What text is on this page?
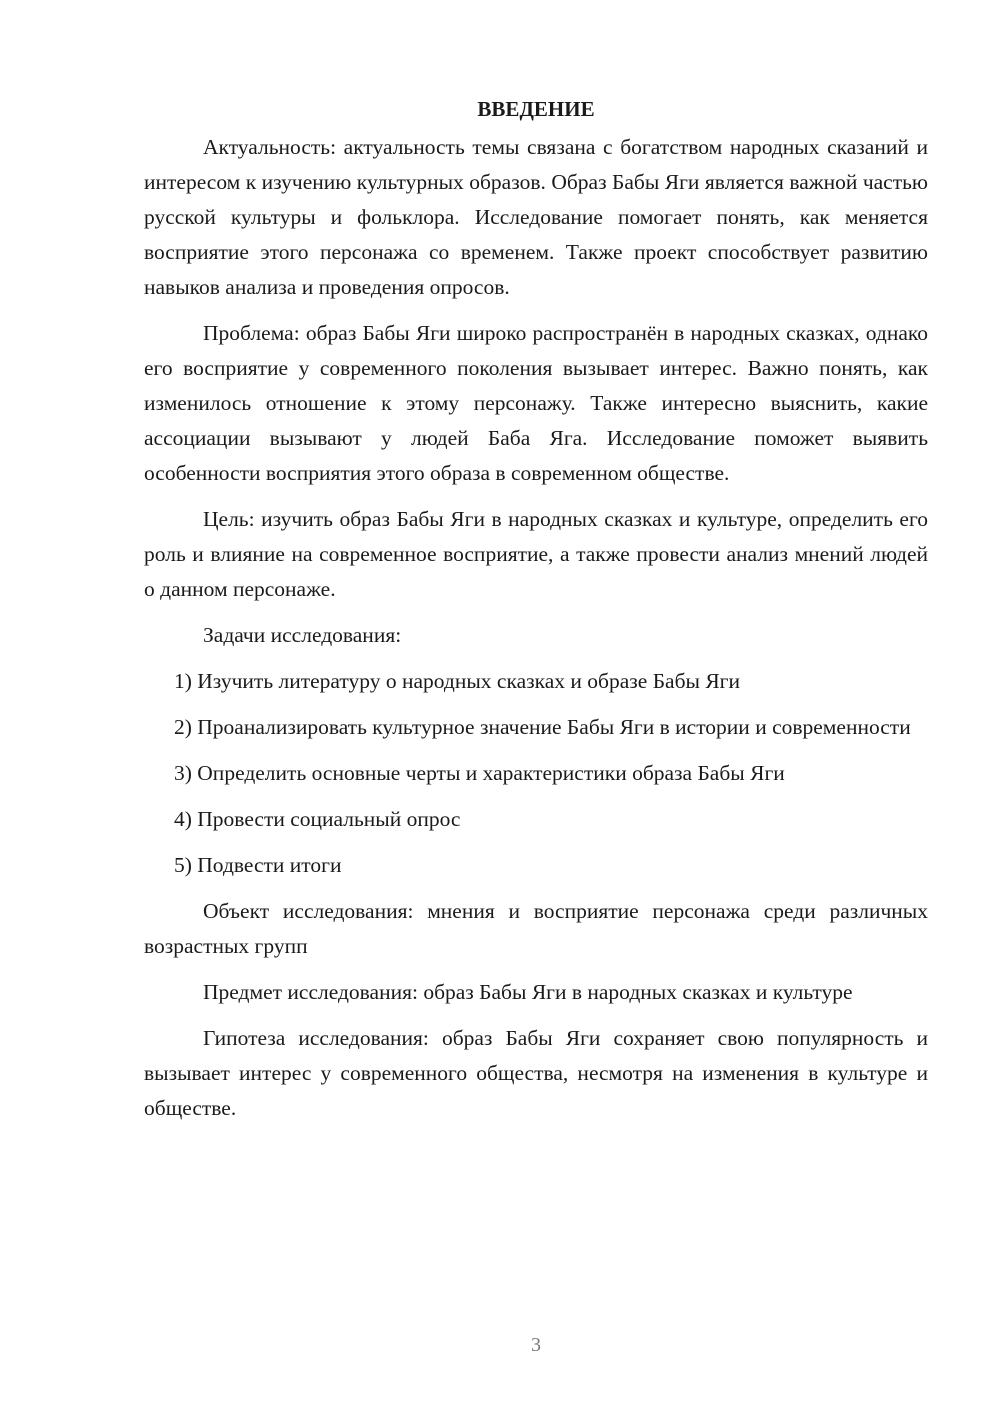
ВВЕДЕНИЕ

Актуальность: актуальность темы связана с богатством народных сказаний и интересом к изучению культурных образов. Образ Бабы Яги является важной частью русской культуры и фольклора. Исследование помогает понять, как меняется восприятие этого персонажа со временем. Также проект способствует развитию навыков анализа и проведения опросов.

Проблема: образ Бабы Яги широко распространён в народных сказках, однако его восприятие у современного поколения вызывает интерес. Важно понять, как изменилось отношение к этому персонажу. Также интересно выяснить, какие ассоциации вызывают у людей Баба Яга. Исследование поможет выявить особенности восприятия этого образа в современном обществе.

Цель: изучить образ Бабы Яги в народных сказках и культуре, определить его роль и влияние на современное восприятие, а также провести анализ мнений людей о данном персонаже.

Задачи исследования:

1) Изучить литературу о народных сказках и образе Бабы Яги

2) Проанализировать культурное значение Бабы Яги в истории и современности

3) Определить основные черты и характеристики образа Бабы Яги

4) Провести социальный опрос

5) Подвести итоги

Объект исследования: мнения и восприятие персонажа среди различных возрастных групп

Предмет исследования: образ Бабы Яги в народных сказках и культуре

Гипотеза исследования: образ Бабы Яги сохраняет свою популярность и вызывает интерес у современного общества, несмотря на изменения в культуре и обществе.

3
